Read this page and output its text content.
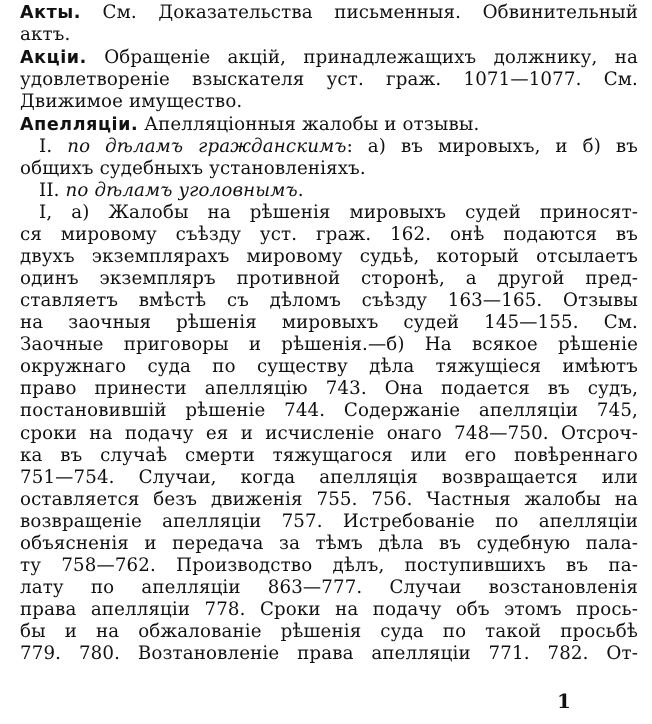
Акты. См. Доказательства письменныя. Обвинительный
актъ.
Акціи. Обращеніе акцій, принадлежащихъ должнику, на
удовлетвореніе взыскателя уст. граж. 1071—1077. См.
Движимое имущество.
Апелляціи. Апелляціонныя жалобы и отзывы.
I. по дѣламъ гражданскимъ: а) въ мировыхъ, и б) въ
общихъ судебныхъ установленіяхъ.
II. по дѣламъ уголовнымъ.
I, а) Жалобы на рѣшенія мировыхъ судей приносят-
ся мировому съѣзду уст. граж. 162. онѣ подаются въ
двухъ экземплярахъ мировому судьѣ, который отсылаетъ
одинъ экземпляръ противной сторонѣ, а другой пред-
ставляетъ вмѣстѣ съ дѣломъ съѣзду 163—165. Отзывы
на заочныя рѣшенія мировыхъ судей 145—155. См.
Заочные приговоры и рѣшенія.—б) На всякое рѣшеніе
окружнаго суда по существу дѣла тяжущіеся имѣютъ
право принести апелляцію 743. Она подается въ судъ,
постановившій рѣшеніе 744. Содержаніе апелляціи 745,
сроки на подачу ея и исчисленіе онаго 748—750. Отсроч-
ка въ случаѣ смерти тяжущагося или его повѣреннаго
751—754. Случаи, когда апелляція возвращается или
оставляется безъ движенія 755. 756. Частныя жалобы на
возвращеніе апелляціи 757. Истребованіе по апелляціи
объясненія и передача за тѣмъ дѣла въ судебную пала-
ту 758—762. Производство дѣлъ, поступившихъ въ па-
лату по апелляціи 863—777. Случаи возстановленія
права апелляціи 778. Сроки на подачу объ этомъ прось-
бы и на обжалованіе рѣшенія суда по такой просьбѣ
779. 780. Возтановленіе права апелляціи 771. 782. От-
1
